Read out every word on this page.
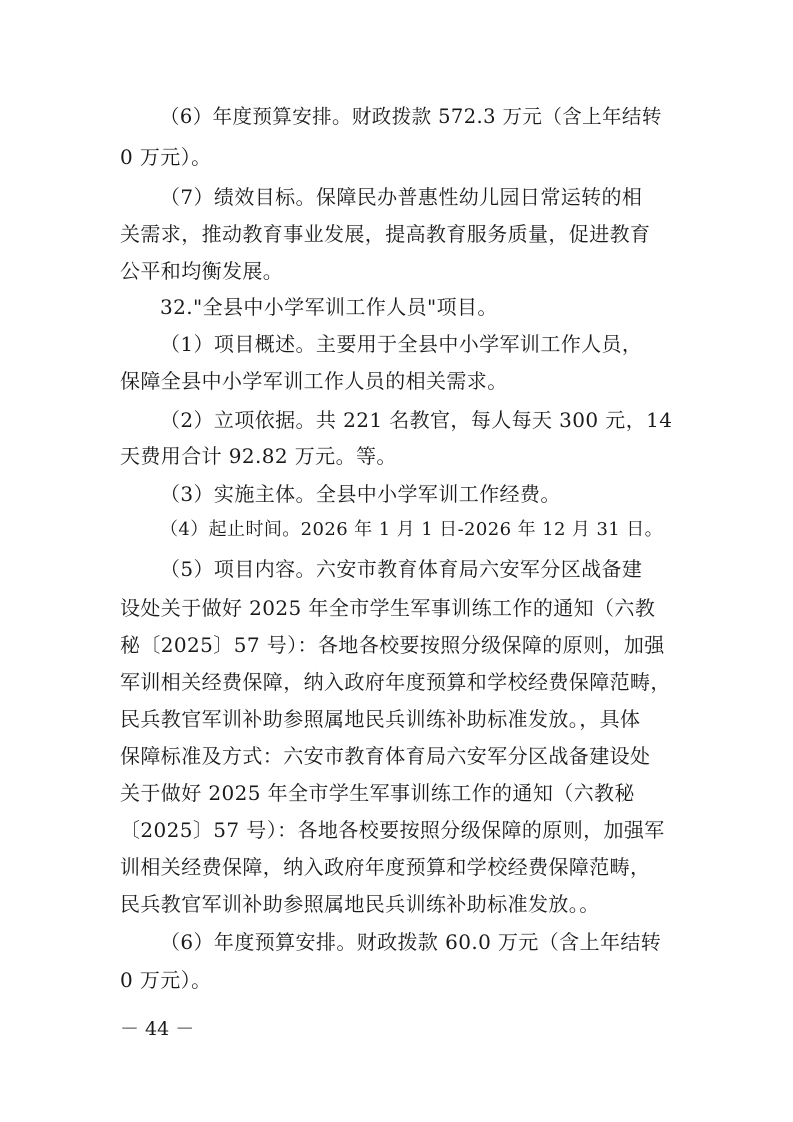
（6）年度预算安排。财政拨款 572.3 万元（含上年结转
0 万元）。
（7）绩效目标。保障民办普惠性幼儿园日常运转的相
关需求，推动教育事业发展，提高教育服务质量，促进教育
公平和均衡发展。
32."全县中小学军训工作人员"项目。
（1）项目概述。主要用于全县中小学军训工作人员，
保障全县中小学军训工作人员的相关需求。
（2）立项依据。共 221 名教官，每人每天 300 元，14
天费用合计 92.82 万元。等。
（3）实施主体。全县中小学军训工作经费。
（4）起止时间。2026 年 1 月 1 日-2026 年 12 月 31 日。
（5）项目内容。六安市教育体育局六安军分区战备建
设处关于做好 2025 年全市学生军事训练工作的通知（六教
秘〔2025〕57 号）：各地各校要按照分级保障的原则，加强
军训相关经费保障，纳入政府年度预算和学校经费保障范畴，
民兵教官军训补助参照属地民兵训练补助标准发放。，具体
保障标准及方式：六安市教育体育局六安军分区战备建设处
关于做好 2025 年全市学生军事训练工作的通知（六教秘
〔2025〕57 号）：各地各校要按照分级保障的原则，加强军
训相关经费保障，纳入政府年度预算和学校经费保障范畴，
民兵教官军训补助参照属地民兵训练补助标准发放。。
（6）年度预算安排。财政拨款 60.0 万元（含上年结转
0 万元）。
－ 44 －
